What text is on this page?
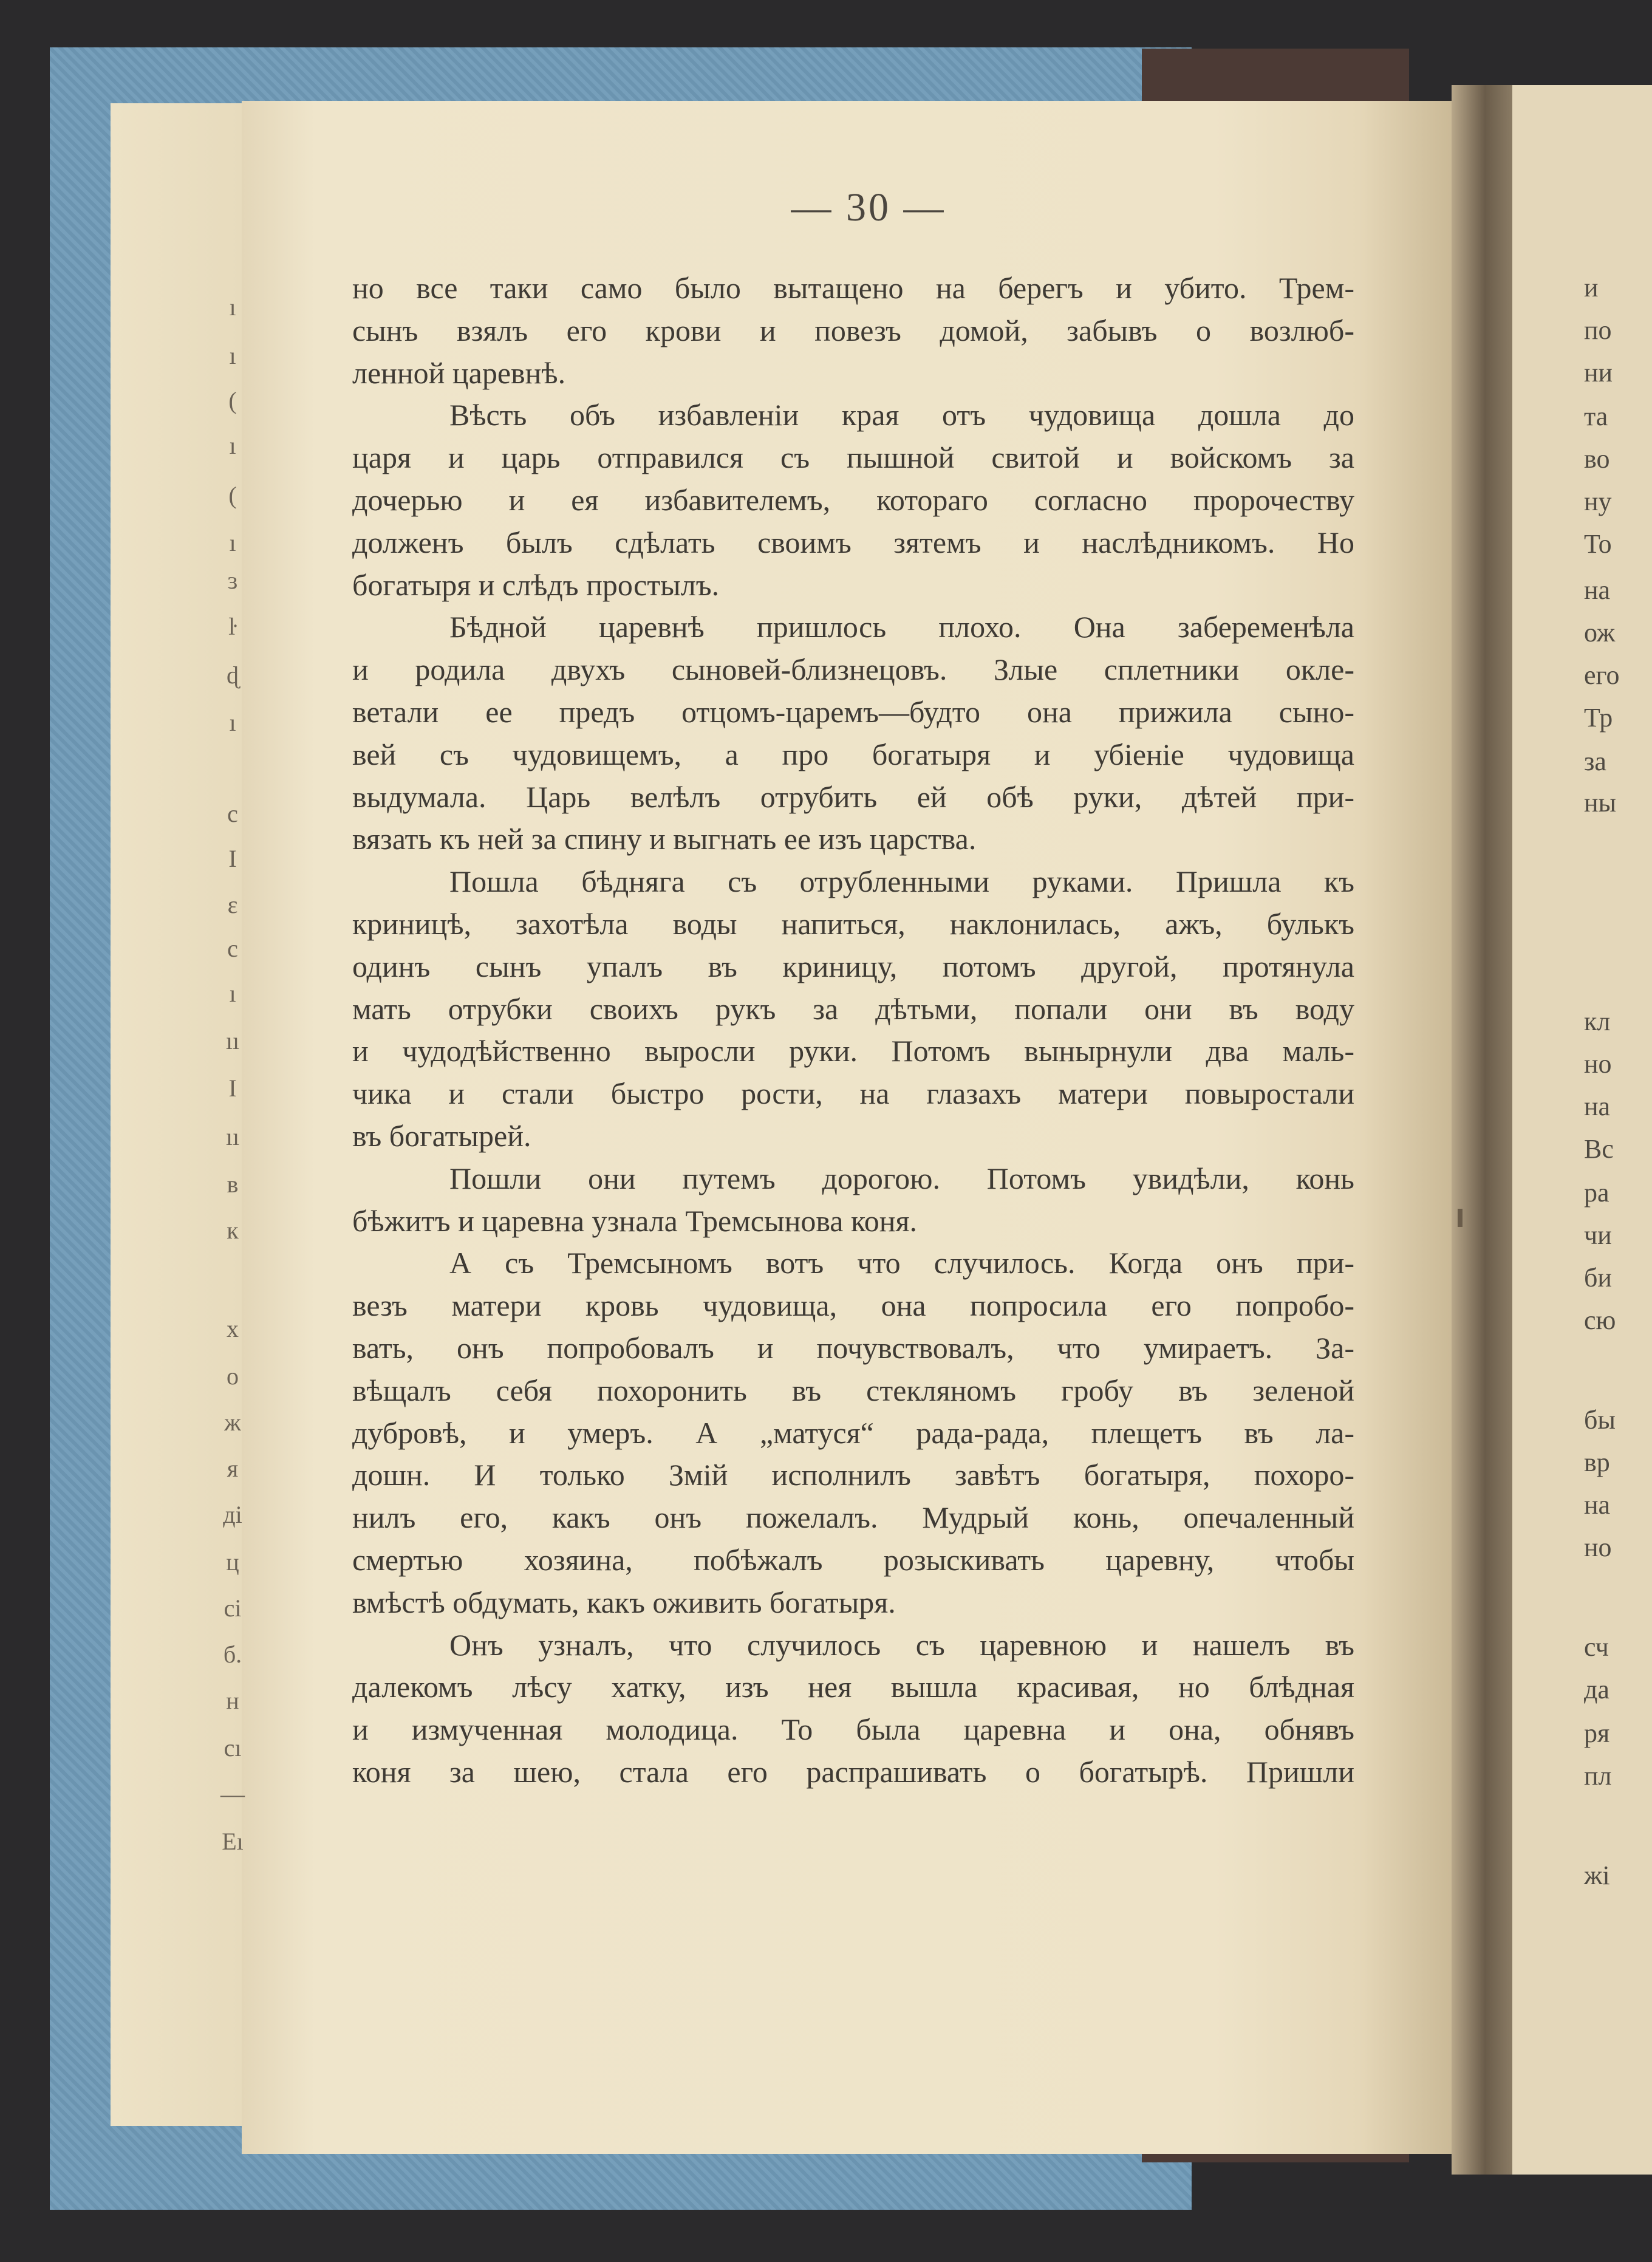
ı
ı
(
ı
(
ı
ɜ
ŀ
ɖ
ı
с
I
ɛ
с
ı
ıı
I
ıı
в
к
х
о
ж
я
ді
ц
сі
б.
н
сı
—
Еı
и
по
ни
та
во
ну
То
на
ож
его
Тр
за
ны
кл
но
на
Вс
ра
чи
би
сю
бы
вр
на
но
сч
да
ря
пл
жі
— 30 —
но все таки само было вытащено на берегъ и убито. Трем-
сынъ взялъ его крови и повезъ домой, забывъ о возлюб-
ленной царевнѣ.
Вѣсть объ избавленіи края отъ чудовища дошла до
царя и царь отправился съ пышной свитой и войскомъ за
дочерью и ея избавителемъ, котораго согласно пророчеству
долженъ былъ сдѣлать своимъ зятемъ и наслѣдникомъ. Но
богатыря и слѣдъ простылъ.
Бѣдной царевнѣ пришлось плохо. Она забеременѣла
и родила двухъ сыновей-близнецовъ. Злые сплетники окле-
ветали ее предъ отцомъ-царемъ—будто она прижила сыно-
вей съ чудовищемъ, а про богатыря и убіеніе чудовища
выдумала. Царь велѣлъ отрубить ей обѣ руки, дѣтей при-
вязать къ ней за спину и выгнать ее изъ царства.
Пошла бѣдняга съ отрубленными руками. Пришла къ
криницѣ, захотѣла воды напиться, наклонилась, ажъ, булькъ
одинъ сынъ упалъ въ криницу, потомъ другой, протянула
мать отрубки своихъ рукъ за дѣтьми, попали они въ воду
и чудодѣйственно выросли руки. Потомъ вынырнули два маль-
чика и стали быстро рости, на глазахъ матери повыростали
въ богатырей.
Пошли они путемъ дорогою. Потомъ увидѣли, конь
бѣжитъ и царевна узнала Тремсынова коня.
А съ Тремсыномъ вотъ что случилось. Когда онъ при-
везъ матери кровь чудовища, она попросила его попробо-
вать, онъ попробовалъ и почувствовалъ, что умираетъ. За-
вѣщалъ себя похоронить въ стекляномъ гробу въ зеленой
дубровѣ, и умеръ. А „матуся“ рада-рада, плещетъ въ ла-
дошн. И только Змій исполнилъ завѣтъ богатыря, похоро-
нилъ его, какъ онъ пожелалъ. Мудрый конь, опечаленный
смертью хозяина, побѣжалъ розыскивать царевну, чтобы
вмѣстѣ обдумать, какъ оживить богатыря.
Онъ узналъ, что случилось съ царевною и нашелъ въ
далекомъ лѣсу хатку, изъ нея вышла красивая, но блѣдная
и измученная молодица. То была царевна и она, обнявъ
коня за шею, стала его распрашивать о богатырѣ. Пришли
